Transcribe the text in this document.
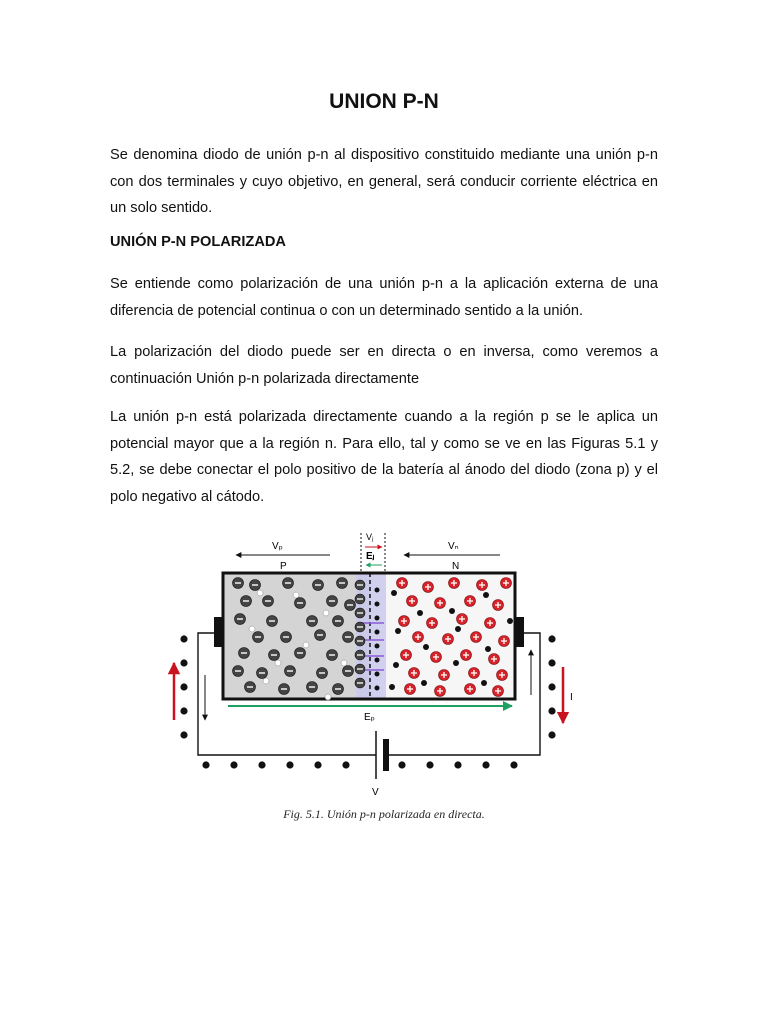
UNION P-N

Se denomina diodo de unión p-n al dispositivo constituido mediante una unión p-n con dos terminales y cuyo objetivo, en general, será conducir corriente eléctrica en un solo sentido.

UNIÓN P-N POLARIZADA

Se entiende como polarización de una unión p-n a la aplicación externa de una diferencia de potencial continua o con un determinado sentido a la unión.

La polarización del diodo puede ser en directa o en inversa, como veremos a continuación Unión p-n polarizada directamente

La unión p-n está polarizada directamente cuando a la región p se le aplica un potencial mayor que a la región n. Para ello, tal y como se ve en las Figuras 5.1 y 5.2, se debe conectar el polo positivo de la batería al ánodo del diodo (zona p) y el polo negativo al cátodo.

Vₚ
P
Vₙ
N
Vⱼ
Eⱼ
V
I
Eₚ
Fig. 5.1. Unión p-n polarizada en directa.
